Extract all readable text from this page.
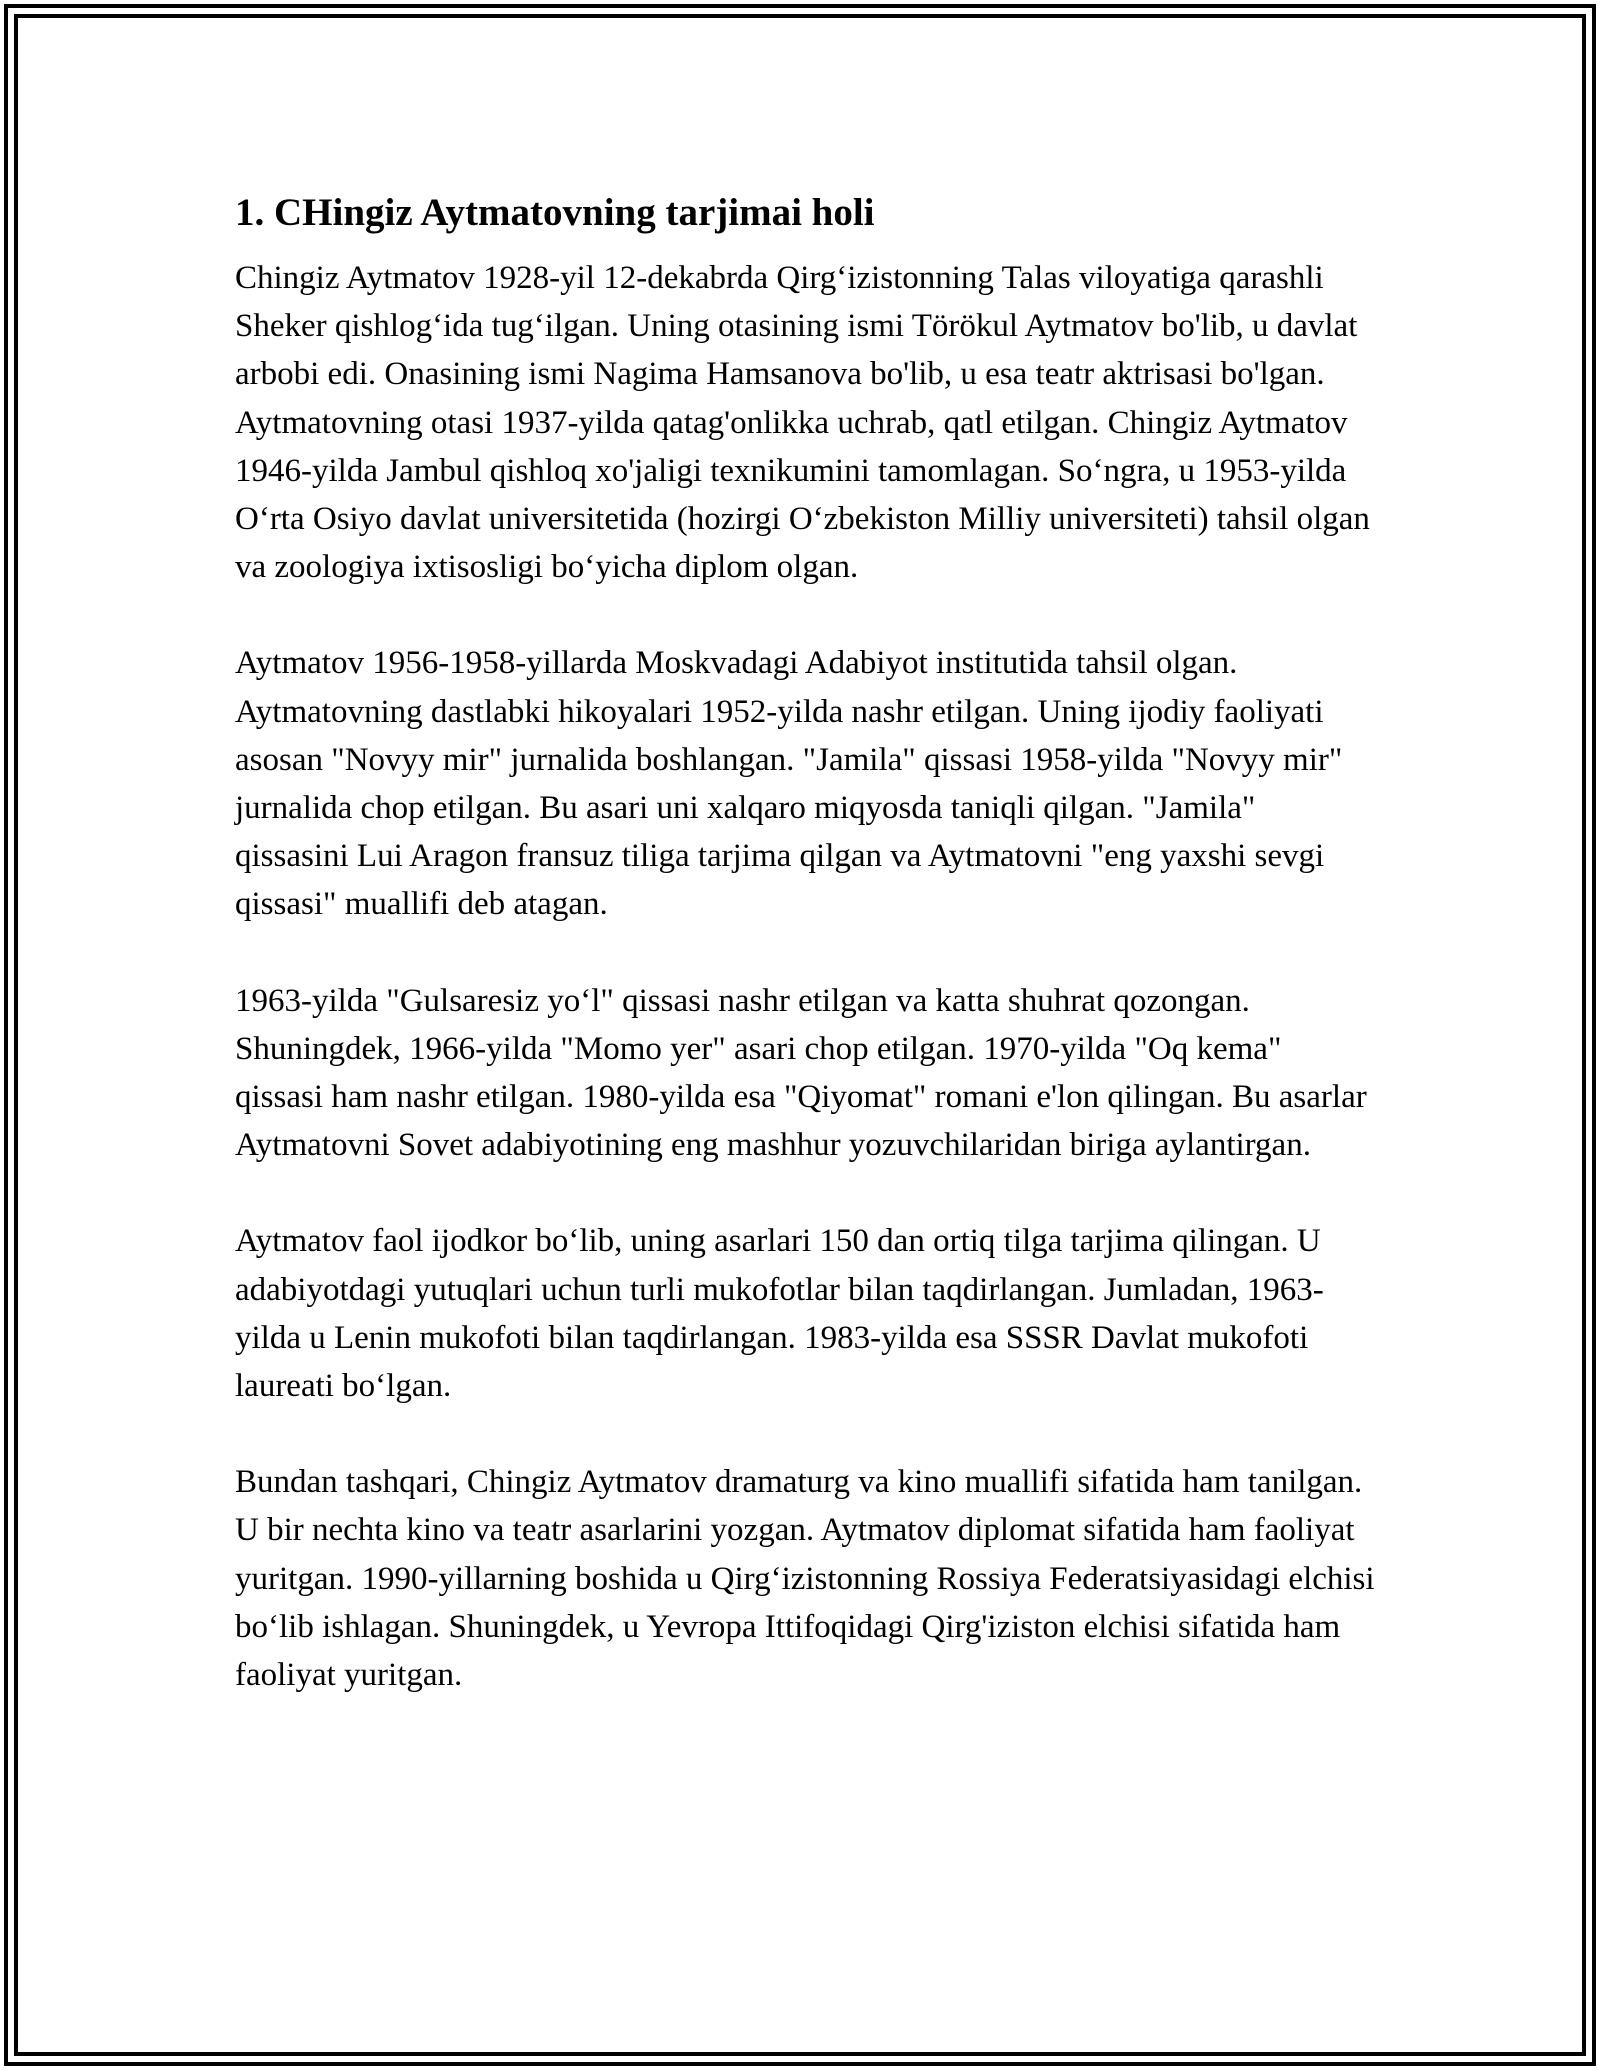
1. CHingiz Aytmatovning tarjimai holi

Chingiz Aytmatov 1928-yil 12-dekabrda Qirg‘izistonning Talas viloyatiga qarashli Sheker qishlog‘ida tug‘ilgan. Uning otasining ismi Törökul Aytmatov bo'lib, u davlat arbobi edi. Onasining ismi Nagima Hamsanova bo'lib, u esa teatr aktrisasi bo'lgan. Aytmatovning otasi 1937-yilda qatag'onlikka uchrab, qatl etilgan. Chingiz Aytmatov 1946-yilda Jambul qishloq xo'jaligi texnikumini tamomlagan. So‘ngra, u 1953-yilda O‘rta Osiyo davlat universitetida (hozirgi O‘zbekiston Milliy universiteti) tahsil olgan va zoologiya ixtisosligi bo‘yicha diplom olgan.

Aytmatov 1956-1958-yillarda Moskvadagi Adabiyot institutida tahsil olgan. Aytmatovning dastlabki hikoyalari 1952-yilda nashr etilgan. Uning ijodiy faoliyati asosan "Novyy mir" jurnalida boshlangan. "Jamila" qissasi 1958-yilda "Novyy mir" jurnalida chop etilgan. Bu asari uni xalqaro miqyosda taniqli qilgan. "Jamila" qissasini Lui Aragon fransuz tiliga tarjima qilgan va Aytmatovni "eng yaxshi sevgi qissasi" muallifi deb atagan.

1963-yilda "Gulsaresiz yo‘l" qissasi nashr etilgan va katta shuhrat qozongan. Shuningdek, 1966-yilda "Momo yer" asari chop etilgan. 1970-yilda "Oq kema" qissasi ham nashr etilgan. 1980-yilda esa "Qiyomat" romani e'lon qilingan. Bu asarlar Aytmatovni Sovet adabiyotining eng mashhur yozuvchilaridan biriga aylantirgan.

Aytmatov faol ijodkor bo‘lib, uning asarlari 150 dan ortiq tilga tarjima qilingan. U adabiyotdagi yutuqlari uchun turli mukofotlar bilan taqdirlangan. Jumladan, 1963-yilda u Lenin mukofoti bilan taqdirlangan. 1983-yilda esa SSSR Davlat mukofoti laureati bo‘lgan.

Bundan tashqari, Chingiz Aytmatov dramaturg va kino muallifi sifatida ham tanilgan. U bir nechta kino va teatr asarlarini yozgan. Aytmatov diplomat sifatida ham faoliyat yuritgan. 1990-yillarning boshida u Qirg‘izistonning Rossiya Federatsiyasidagi elchisi bo‘lib ishlagan. Shuningdek, u Yevropa Ittifoqidagi Qirg'iziston elchisi sifatida ham faoliyat yuritgan.
